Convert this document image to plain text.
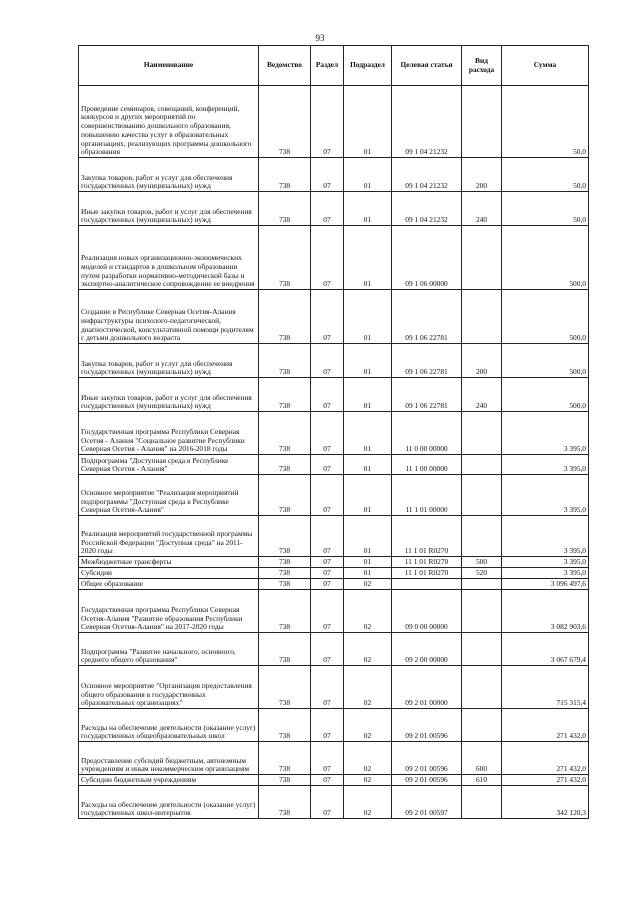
93
Наименование	Ведомство	Раздел	Подраздел	Целевая статья	Вид расхода	Сумма
Проведение семинаров, совещаний, конференций, конкурсов и других мероприятий по совершенствованию дошкольного образования, повышению качества услуг в образовательных организациях, реализующих программы дошкольного образования	738	07	01	09 1 04 21232		50,0
Закупка товаров, работ и услуг для обеспечения государственных (муниципальных) нужд	738	07	01	09 1 04 21232	200	50,0
Иные закупки товаров, работ и услуг для обеспечения государственных (муниципальных) нужд	738	07	01	09 1 04 21232	240	50,0
Реализация новых организационно-экономических моделей и стандартов в дошкольном образовании путем разработки нормативно-методической базы и экспертно-аналитическое сопровождение ее внедрения	738	07	01	09 1 06 00000		500,0
Создание в Республике Северная Осетия-Алания инфраструктуры психолого-педагогической, диагностической, консультативной помощи родителям с детьми дошкольного возраста	738	07	01	09 1 06 22781		500,0
Закупка товаров, работ и услуг для обеспечения государственных (муниципальных) нужд	738	07	01	09 1 06 22781	200	500,0
Иные закупки товаров, работ и услуг для обеспечения государственных (муниципальных) нужд	738	07	01	09 1 06 22781	240	500,0
Государственная программа Республики Северная Осетия - Алания "Социальное развитие Республики Северная Осетия - Алания" на 2016-2018 годы	738	07	01	11 0 00 00000		3 395,0
Подпрограмма "Доступная среда в Республике Северная Осетия - Алания"	738	07	01	11 1 00 00000		3 395,0
Основное мероприятие "Реализация мероприятий подпрограммы "Доступная среда в Республике Северная Осетия-Алания"	738	07	01	11 1 01 00000		3 395,0
Реализация мероприятий государственной программы Российской Федерации "Доступная среда" на 2011-2020 годы	738	07	01	11 1 01 R0270		3 395,0
Межбюджетные трансферты	738	07	01	11 1 01 R0270	500	3 395,0
Субсидии	738	07	01	11 1 01 R0270	520	3 395,0
Общее образование	738	07	02			3 096 497,6
Государственная программа Республики Северная Осетия-Алания "Развитие образования Республики Северная Осетия-Алания" на 2017-2020 годы	738	07	02	09 0 00 00000		3 082 903,6
Подпрограмма "Развитие начального, основного, среднего общего образования"	738	07	02	09 2 00 00000		3 067 679,4
Основное мероприятие "Организация предоставления общего образования в государственных образовательных организациях"	738	07	02	09 2 01 00000		715 315,4
Расходы на обеспечение деятельности (оказание услуг) государственных общеобразовательных школ	738	07	02	09 2 01 00596		271 432,0
Предоставление субсидий бюджетным, автономным учреждениям и иным некоммерческим организациям	738	07	02	09 2 01 00596	600	271 432,0
Субсидии бюджетным учреждениям	738	07	02	09 2 01 00596	610	271 432,0
Расходы на обеспечение деятельности (оказание услуг) государственных школ-интернатов	738	07	02	09 2 01 00597		342 120,3
